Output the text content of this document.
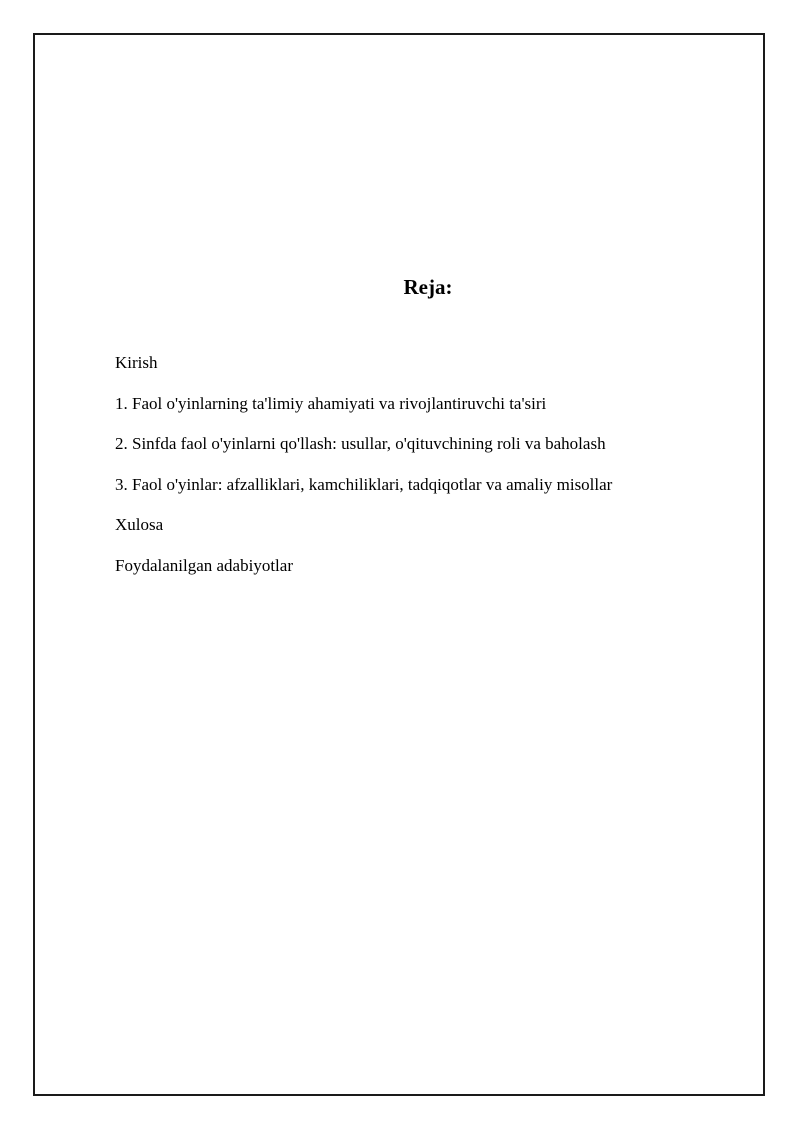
Reja:
Kirish
1. Faol o'yinlarning ta'limiy ahamiyati va rivojlantiruvchi ta'siri
2. Sinfda faol o'yinlarni qo'llash: usullar, o'qituvchining roli va baholash
3. Faol o'yinlar: afzalliklari, kamchiliklari, tadqiqotlar va amaliy misollar
Xulosa
Foydalanilgan adabiyotlar
